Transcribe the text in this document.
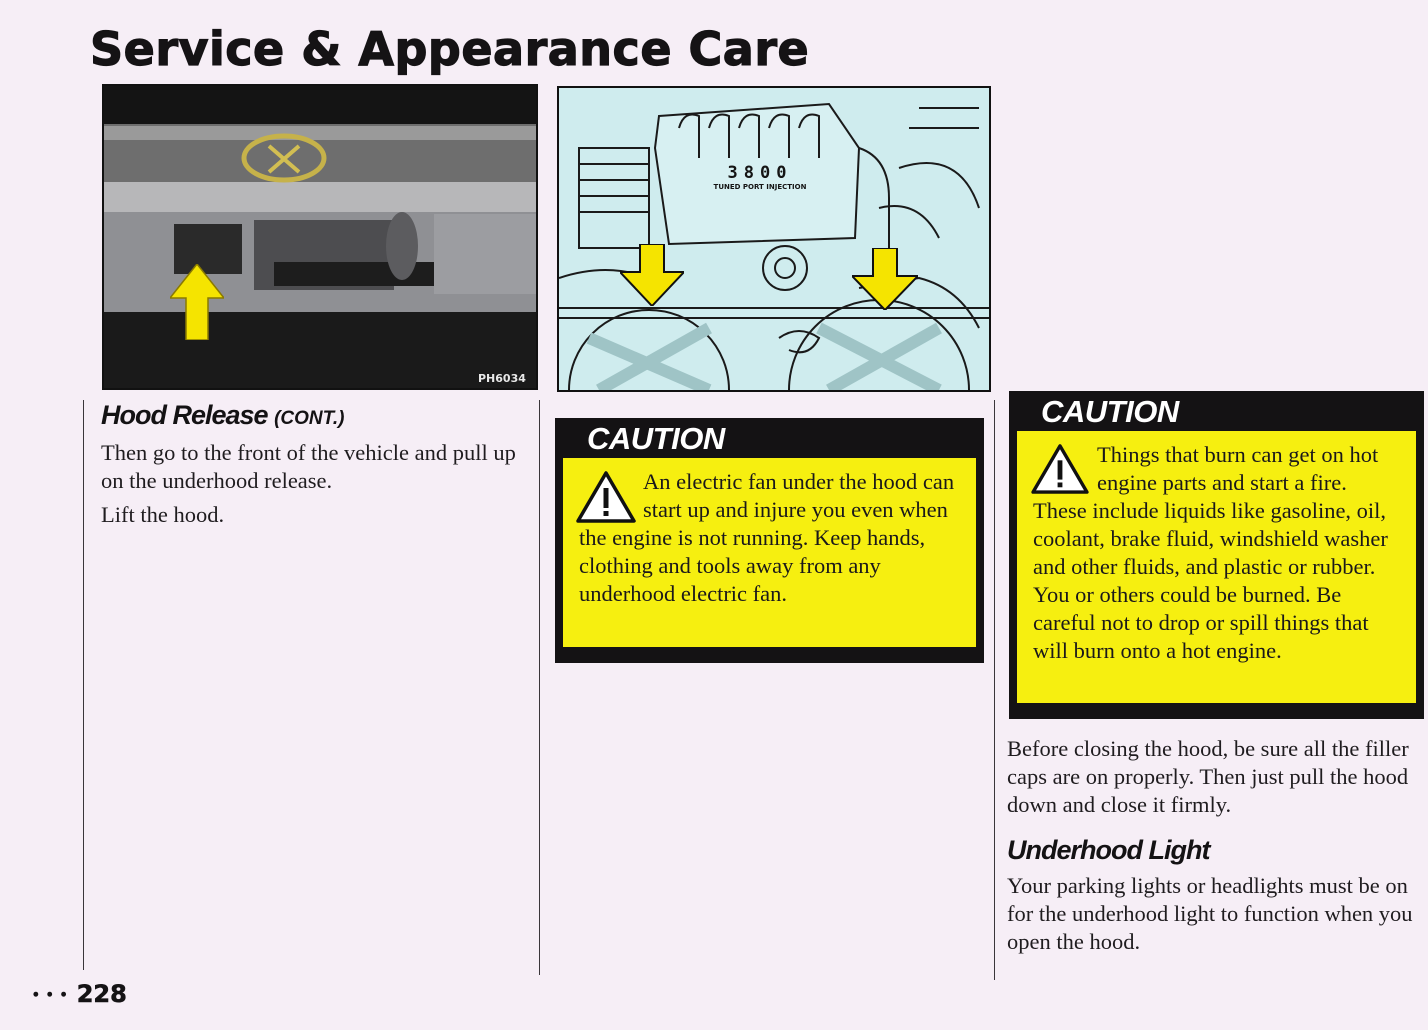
Service & Appearance Care
PH6034
3800
TUNED PORT INJECTION
Hood Release (CONT.)

Then go to the front of the vehicle and pull up on the underhood release.

Lift the hood.

CAUTION

An electric fan under the hood can start up and injure you even when the engine is not running. Keep hands, clothing and tools away from any underhood electric fan.

CAUTION

Things that burn can get on hot engine parts and start a fire. These include liquids like gasoline, oil, coolant, brake fluid, windshield washer and other fluids, and plastic or rubber. You or others could be burned. Be careful not to drop or spill things that will burn onto a hot engine.

Before closing the hood, be sure all the filler caps are on properly. Then just pull the hood down and close it firmly.

Underhood Light

Your parking lights or headlights must be on for the underhood light to function when you open the hood.

• • • 228
